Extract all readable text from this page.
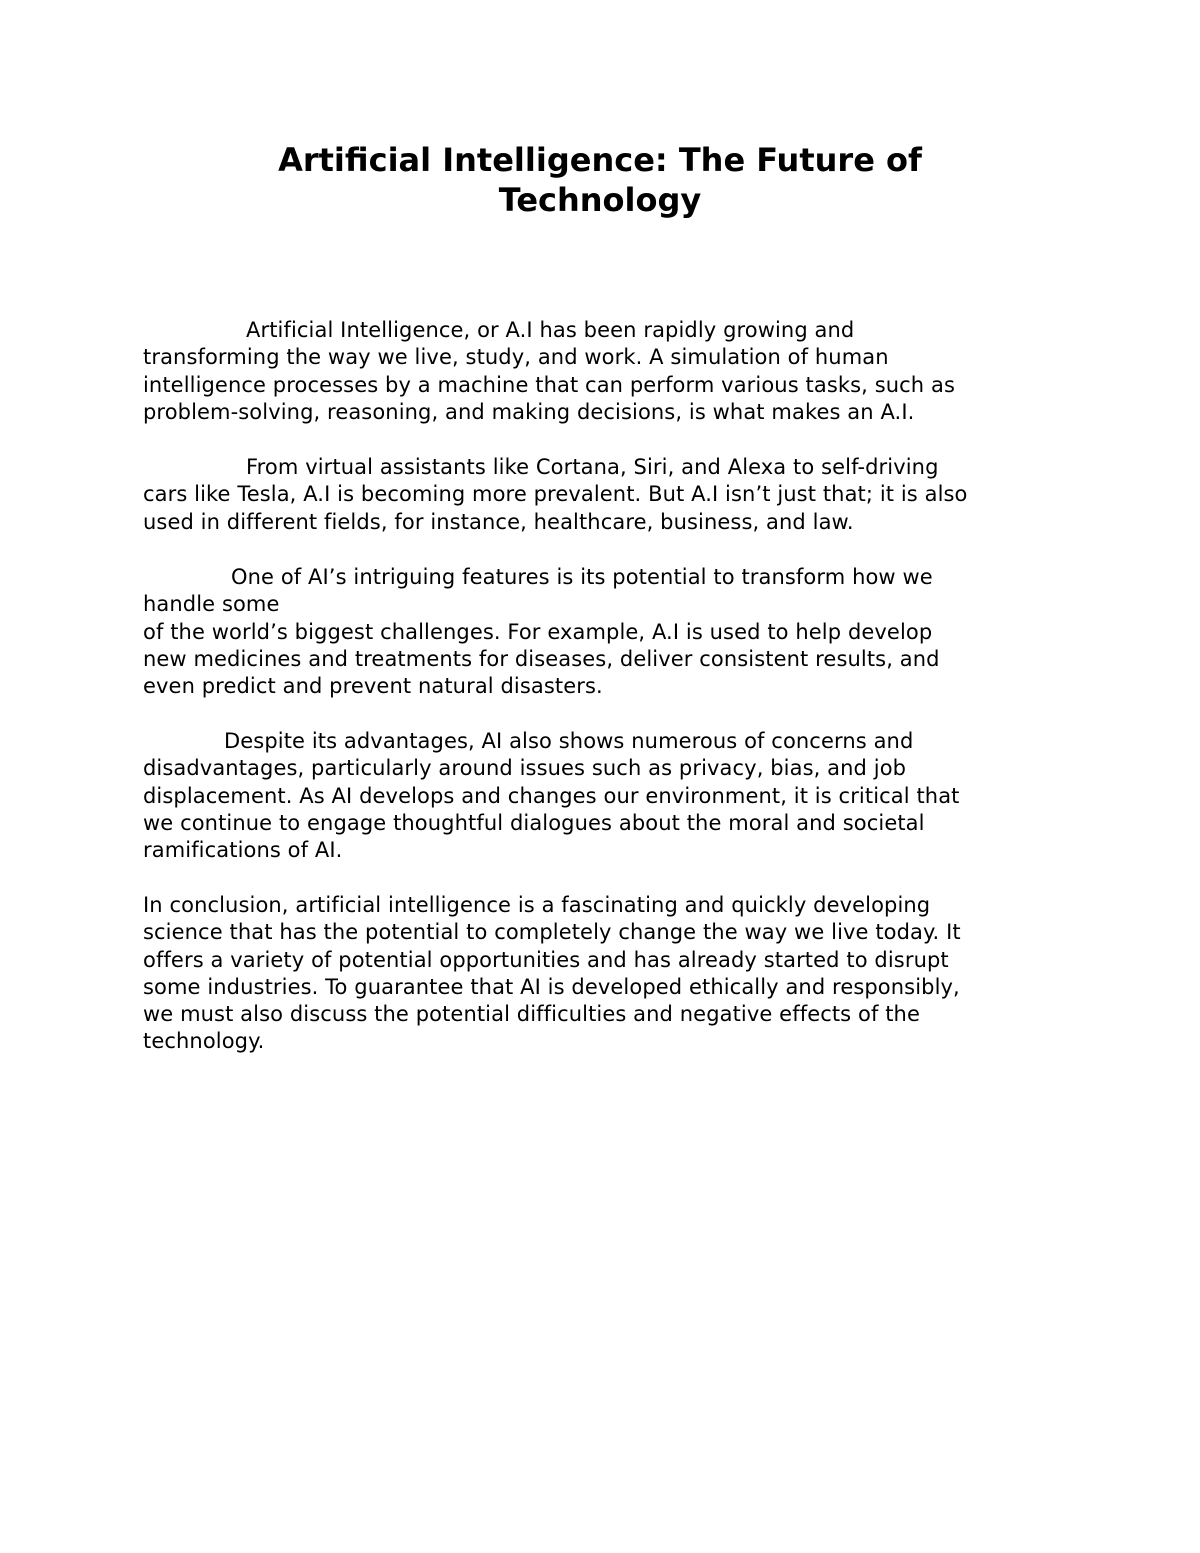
Artificial Intelligence: The Future of
Technology
Artificial Intelligence, or A.I has been rapidly growing and
transforming the way we live, study, and work. A simulation of human
intelligence processes by a machine that can perform various tasks, such as
problem-solving, reasoning, and making decisions, is what makes an A.I.
From virtual assistants like Cortana, Siri, and Alexa to self-driving
cars like Tesla, A.I is becoming more prevalent. But A.I isn’t just that; it is also
used in different fields, for instance, healthcare, business, and law.
One of AI’s intriguing features is its potential to transform how we
handle some
of the world’s biggest challenges. For example, A.I is used to help develop
new medicines and treatments for diseases, deliver consistent results, and
even predict and prevent natural disasters.
Despite its advantages, AI also shows numerous of concerns and
disadvantages, particularly around issues such as privacy, bias, and job
displacement. As AI develops and changes our environment, it is critical that
we continue to engage thoughtful dialogues about the moral and societal
ramifications of AI.
In conclusion, artificial intelligence is a fascinating and quickly developing
science that has the potential to completely change the way we live today. It
offers a variety of potential opportunities and has already started to disrupt
some industries. To guarantee that AI is developed ethically and responsibly,
we must also discuss the potential difficulties and negative effects of the
technology.
